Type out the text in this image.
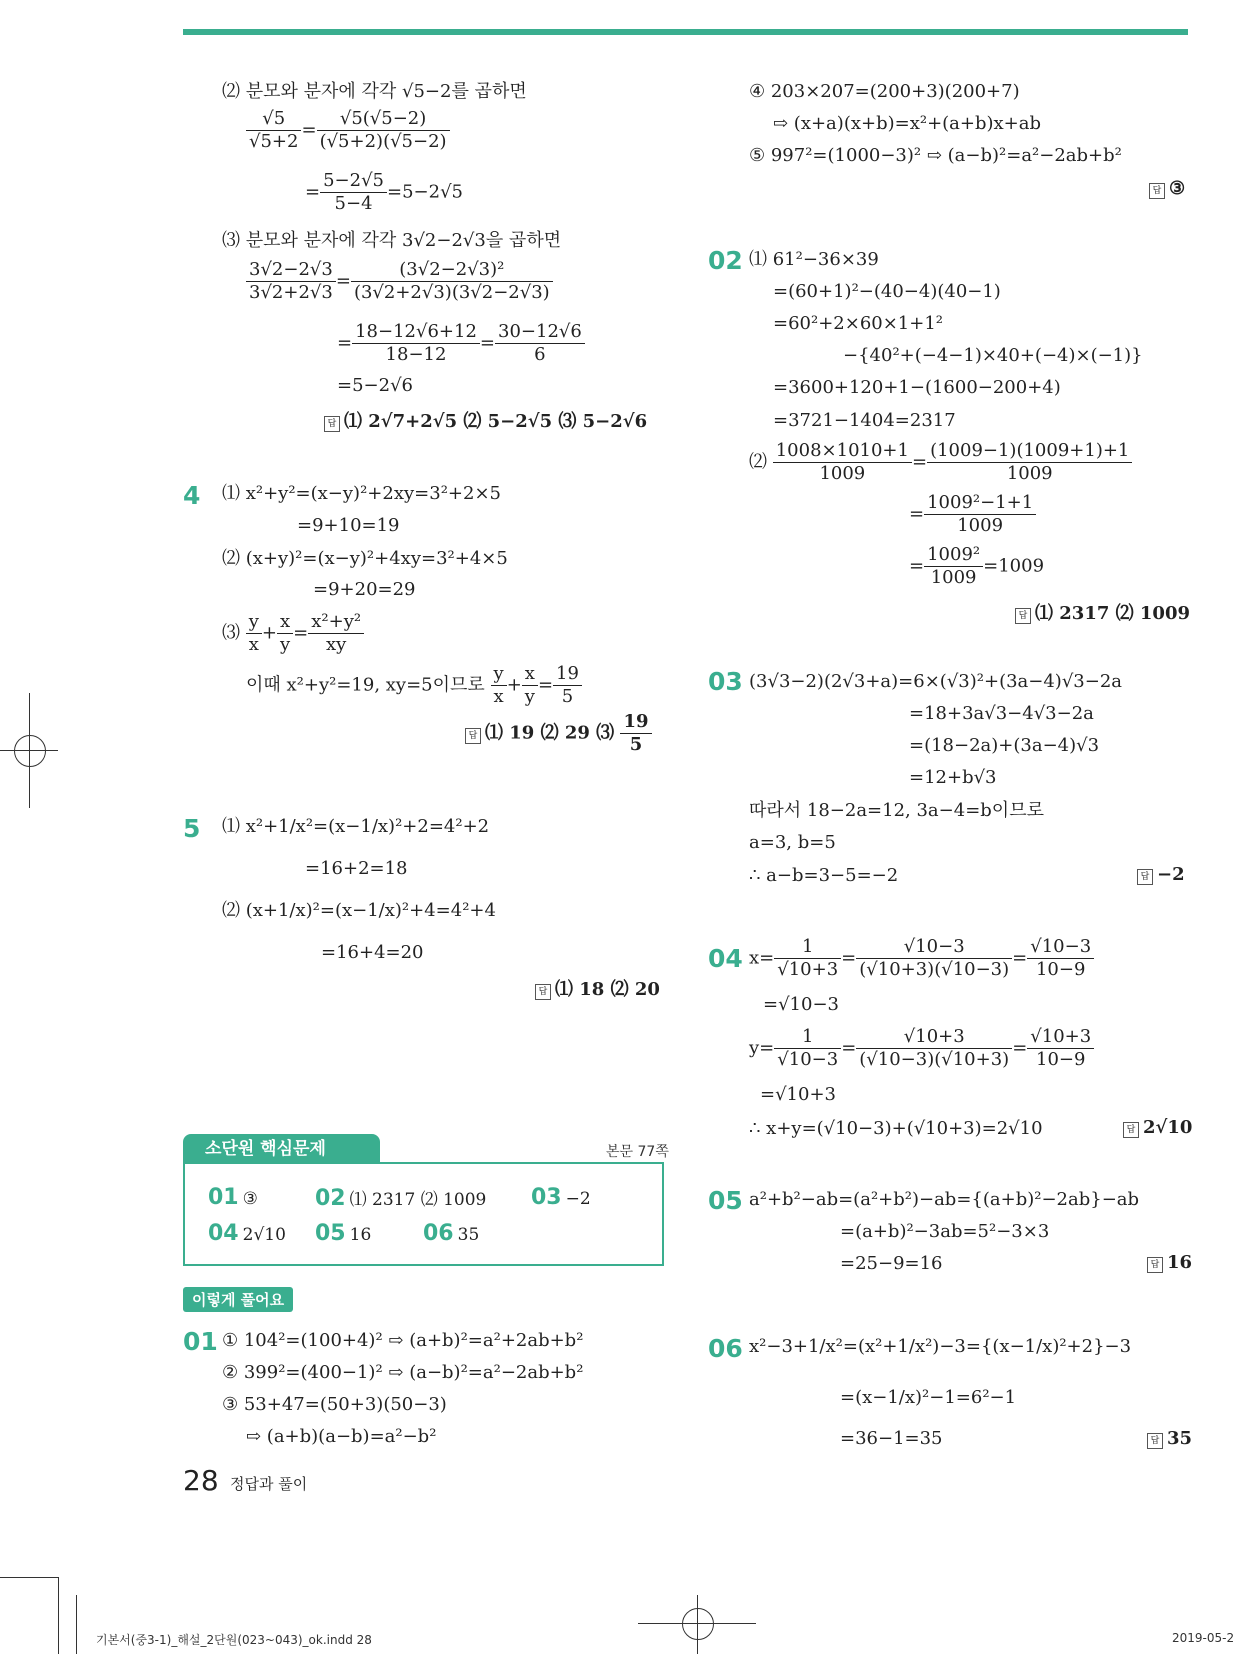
⑵ 분모와 분자에 각각 √5−2를 곱하면
$\frac{√5}{√5+2} = \frac{√5(√5-2)}{(√5+2)(√5-2)}$
= $\frac{5-2√5}{5-4} =5-2√5$
⑶ 분모와 분자에 각각 3√2−2√3을 곱하면
$\frac{3√2-2√3}{3√2+2√3} = \frac{\text{(3√2−2√3)²}}{(3√2+2√3)(3√2-2√3)}$
= $\frac{18-12√6+12}{18-12} = \frac{30-12√6}{6}$
=5−2√6
답 ⑴ 2√7+2√5 ⑵ 5−2√5 ⑶ 5−2√6
4 ⑴ x²+y²=(x−y)²+2xy=3²+2×5
=9+10=19
⑵ (x+y)²=(x−y)²+4xy=3²+4×5
=9+20=29
⑶ $\frac{y}{x} + \frac{x}{y} = \frac{\text{x²+y²}}{xy}$
이때 x²+y²=19, xy=5이므로 $\frac{y}{x} + \frac{x}{y} = \frac{19}{5}$
답 ⑴ 19 ⑵ 29 ⑶ $\frac{19}{5}$
5 ⑴ x²+1/x²=(x−1/x)²+2=4²+2
=16+2=18
⑵ (x+1/x)²=(x−1/x)²+4=4²+4
=16+4=20
답 ⑴ 18 ⑵ 20
소단원 핵심문제	본문 77쪽
01 ③	02 ⑴ 2317 ⑵ 1009 03 −2
04 2√10 05 16 06 35
이렇게 풀어요
01 ① 104²=(100+4)² ⇨ (a+b)²=a²+2ab+b²
② 399²=(400−1)² ⇨ (a−b)²=a²−2ab+b²
③ 53+47=(50+3)(50−3)
⇨ (a+b)(a−b)=a²−b²
28 정답과 풀이
④ 203×207=(200+3)(200+7)
⇨ (x+a)(x+b)=x²+(a+b)x+ab
⑤ 997²=(1000−3)² ⇨ (a−b)²=a²−2ab+b²
답 ③
02 ⑴ 61²−36×39
=(60+1)²−(40−4)(40−1)
=60²+2×60×1+1²
−{40²+(−4−1)×40+(−4)×(−1)}
=3600+120+1−(1600−200+4)
=3721−1404=2317
⑵ $\frac{1008\times 1010+1}{1009} = \frac{(1009-1)(1009+1)+1}{1009}$
= $\frac{\text{1009²−1+1}}{1009}$
= $\frac{\text{1009²}}{1009} =1009$
답 ⑴ 2317 ⑵ 1009
03 (3√3−2)(2√3+a)=6×(√3)²+(3a−4)√3−2a
=18+3a√3−4√3−2a
=(18−2a)+(3a−4)√3
=12+b√3
따라서 18−2a=12, 3a−4=b이므로
a=3, b=5
∴ a−b=3−5=−2	답 −2
04 $x= \frac{1}{√10+3} = \frac{√10-3}{(√10+3)(√10-3)} = \frac{√10-3}{10-9}$
=√10−3
$y= \frac{1}{√10-3} = \frac{√10+3}{(√10-3)(√10+3)} = \frac{√10+3}{10-9}$
=√10+3
∴ x+y=(√10−3)+(√10+3)=2√10	답 2√10
05 a²+b²−ab=(a²+b²)−ab={(a+b)²−2ab}−ab
=(a+b)²−3ab=5²−3×3
=25−9=16	답 16
06 x²−3+1/x²=(x²+1/x²)−3={(x−1/x)²+2}−3
=(x−1/x)²−1=6²−1
=36−1=35	답 35
기본서(중3-1)_해설_2단원(023~043)_ok.indd 28	2019-05-2
